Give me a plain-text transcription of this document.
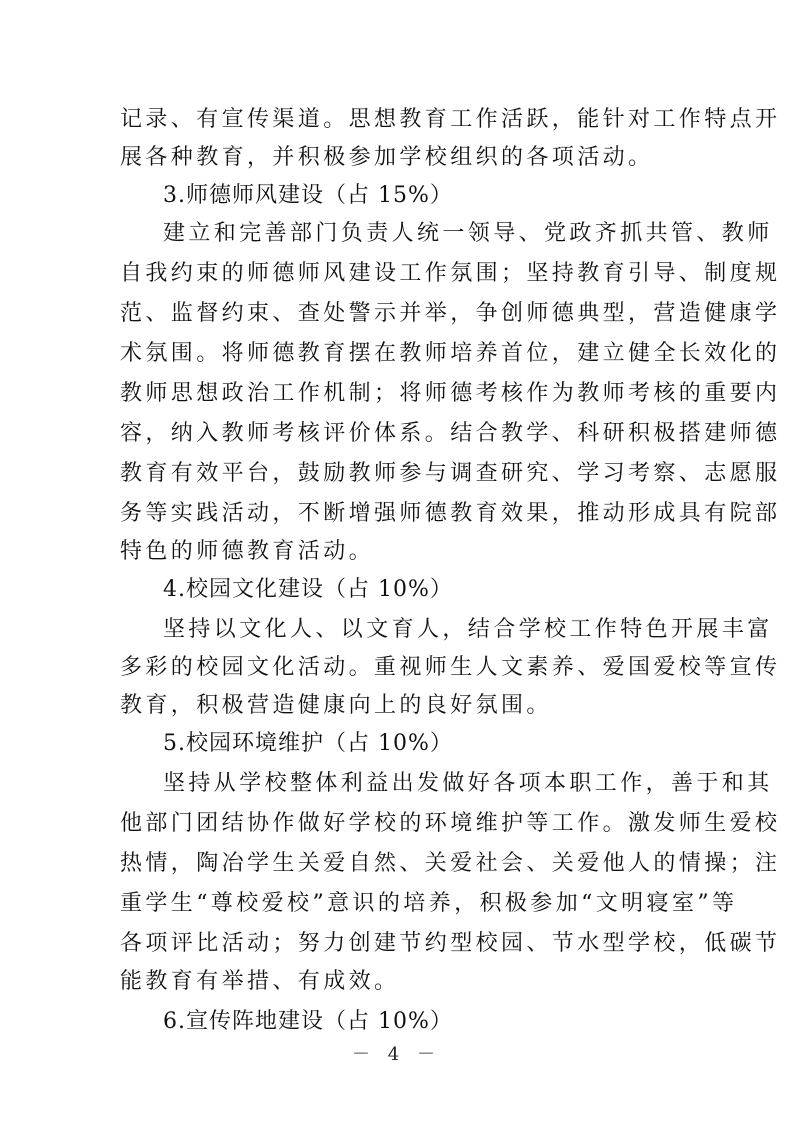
记录、有宣传渠道。思想教育工作活跃，能针对工作特点开
展各种教育，并积极参加学校组织的各项活动。
3.师德师风建设（占 15%）
建立和完善部门负责人统一领导、党政齐抓共管、教师
自我约束的师德师风建设工作氛围；坚持教育引导、制度规
范、监督约束、查处警示并举，争创师德典型，营造健康学
术氛围。将师德教育摆在教师培养首位，建立健全长效化的
教师思想政治工作机制；将师德考核作为教师考核的重要内
容，纳入教师考核评价体系。结合教学、科研积极搭建师德
教育有效平台，鼓励教师参与调查研究、学习考察、志愿服
务等实践活动，不断增强师德教育效果，推动形成具有院部
特色的师德教育活动。
4.校园文化建设（占 10%）
坚持以文化人、以文育人，结合学校工作特色开展丰富
多彩的校园文化活动。重视师生人文素养、爱国爱校等宣传
教育，积极营造健康向上的良好氛围。
5.校园环境维护（占 10%）
坚持从学校整体利益出发做好各项本职工作，善于和其
他部门团结协作做好学校的环境维护等工作。激发师生爱校
热情，陶冶学生关爱自然、关爱社会、关爱他人的情操；注
重学生“尊校爱校”意识的培养，积极参加“文明寝室”等
各项评比活动；努力创建节约型校园、节水型学校，低碳节
能教育有举措、有成效。
6.宣传阵地建设（占 10%）
－ 4 －
